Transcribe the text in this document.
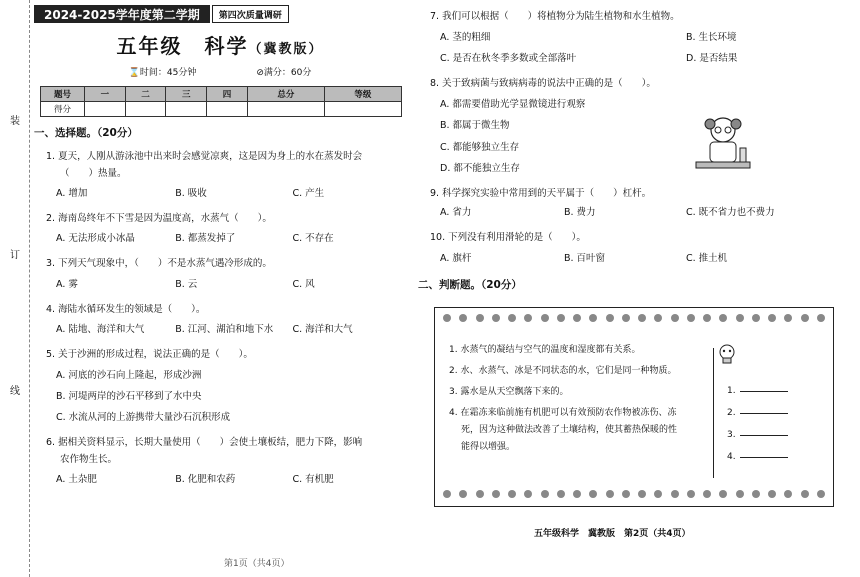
装
订
线
2024-2025学年度第二学期	第四次质量调研
五年级　科学（冀教版）
⌛时间：45分钟	⊘满分：60分
题号	一	二	三	四	总分	等级
得分						
一、选择题。（20分）
1. 夏天，人刚从游泳池中出来时会感觉凉爽，这是因为身上的水在蒸发时会
（　　）热量。
A. 增加	B. 吸收	C. 产生
2. 海南岛终年不下雪是因为温度高，水蒸气（　　）。
A. 无法形成小冰晶	B. 都蒸发掉了	C. 不存在
3. 下列天气现象中，（　　）不是水蒸气遇冷形成的。
A. 雾	B. 云	C. 风
4. 海陆水循环发生的领域是（　　）。
A. 陆地、海洋和大气	B. 江河、湖泊和地下水	C. 海洋和大气
5. 关于沙洲的形成过程，说法正确的是（　　）。
A. 河底的沙石向上隆起，形成沙洲
B. 河堤两岸的沙石平移到了水中央
C. 水流从河的上游携带大量沙石沉积形成
6. 据相关资料显示，长期大量使用（　　）会使土壤板结，肥力下降，影响
农作物生长。
A. 土杂肥	B. 化肥和农药	C. 有机肥
第1页（共4页）
7. 我们可以根据（　　）将植物分为陆生植物和水生植物。
A. 茎的粗细	B. 生长环境
C. 是否在秋冬季多数或全部落叶	D. 是否结果
8. 关于致病菌与致病病毒的说法中正确的是（　　）。
A. 都需要借助光学显微镜进行观察
B. 都属于微生物
C. 都能够独立生存
D. 都不能独立生存
9. 科学探究实验中常用到的天平属于（　　）杠杆。
A. 省力	B. 费力	C. 既不省力也不费力
10. 下列没有利用滑轮的是（　　）。
A. 旗杆	B. 百叶窗	C. 推土机
二、判断题。（20分）
1. 水蒸气的凝结与空气的温度和湿度都有关系。
2. 水、水蒸气、冰是不同状态的水，它们是同一种物质。
3. 露水是从天空飘落下来的。
4. 在霜冻来临前施有机肥可以有效预防农作物被冻伤、冻
死，因为这种做法改善了土壤结构，使其蓄热保暖的性
能得以增强。
1.
2.
3.
4.
五年级科学　冀教版　第2页（共4页）
